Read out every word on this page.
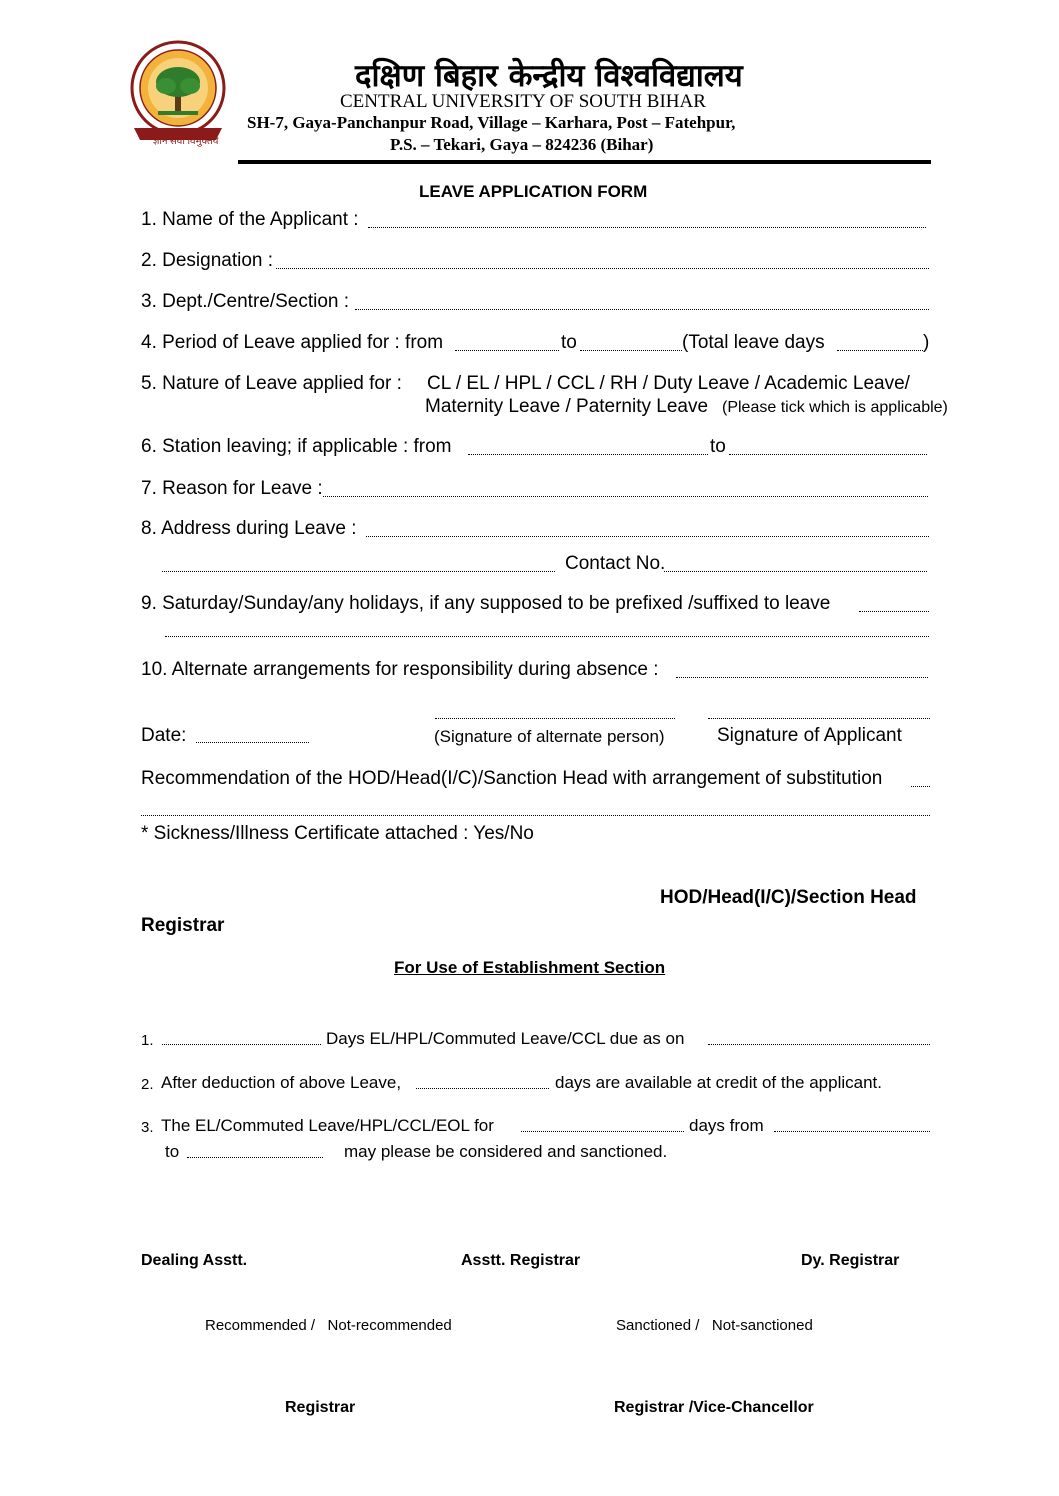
ज्ञान सेवा विमुक्तये
दक्षिण बिहार केन्द्रीय विश्वविद्यालय
CENTRAL UNIVERSITY OF SOUTH BIHAR
SH-7, Gaya-Panchanpur Road, Village – Karhara, Post – Fatehpur,
P.S. – Tekari, Gaya – 824236 (Bihar)
LEAVE APPLICATION FORM
1. Name of the Applicant :
2. Designation :
3. Dept./Centre/Section :
4. Period of Leave applied for : from	to	(Total leave days	)
5. Nature of Leave applied for : CL / EL / HPL / CCL / RH / Duty Leave / Academic Leave/
Maternity Leave / Paternity Leave (Please tick which is applicable)
6. Station leaving; if applicable : from	to
7. Reason for Leave :
8. Address during Leave :
Contact No.
9. Saturday/Sunday/any holidays, if any supposed to be prefixed /suffixed to leave
10. Alternate arrangements for responsibility during absence :
Date:	(Signature of alternate person)	Signature of Applicant
Recommendation of the HOD/Head(I/C)/Sanction Head with arrangement of substitution
* Sickness/Illness Certificate attached : Yes/No
HOD/Head(I/C)/Section Head
Registrar
For Use of Establishment Section
1.	Days EL/HPL/Commuted Leave/CCL due as on
2. After deduction of above Leave,	days are available at credit of the applicant.
3. The EL/Commuted Leave/HPL/CCL/EOL for	days from
to	may please be considered and sanctioned.
Dealing Asstt.	Asstt. Registrar	Dy. Registrar
Recommended /   Not-recommended	Sanctioned /   Not-sanctioned
Registrar	Registrar /Vice-Chancellor
